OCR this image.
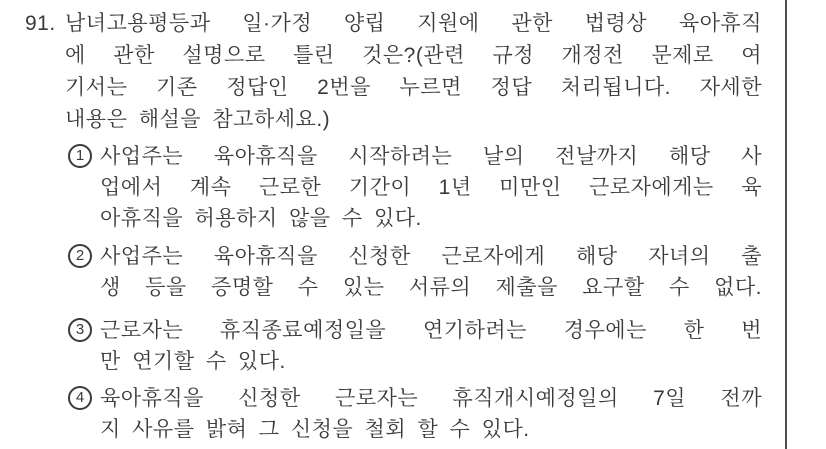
91. 남녀고용평등과 일·가정 양립 지원에 관한 법령상 육아휴직
에 관한 설명으로 틀린 것은?(관련 규정 개정전 문제로 여
기서는 기존 정답인 2번을 누르면 정답 처리됩니다. 자세한
내용은 해설을 참고하세요.)
1 사업주는 육아휴직을 시작하려는 날의 전날까지 해당 사
업에서 계속 근로한 기간이 1년 미만인 근로자에게는 육
아휴직을 허용하지 않을 수 있다.
2 사업주는 육아휴직을 신청한 근로자에게 해당 자녀의 출
생 등을 증명할 수 있는 서류의 제출을 요구할 수 없다.
3 근로자는 휴직종료예정일을 연기하려는 경우에는 한 번
만 연기할 수 있다.
4 육아휴직을 신청한 근로자는 휴직개시예정일의 7일 전까
지 사유를 밝혀 그 신청을 철회 할 수 있다.
